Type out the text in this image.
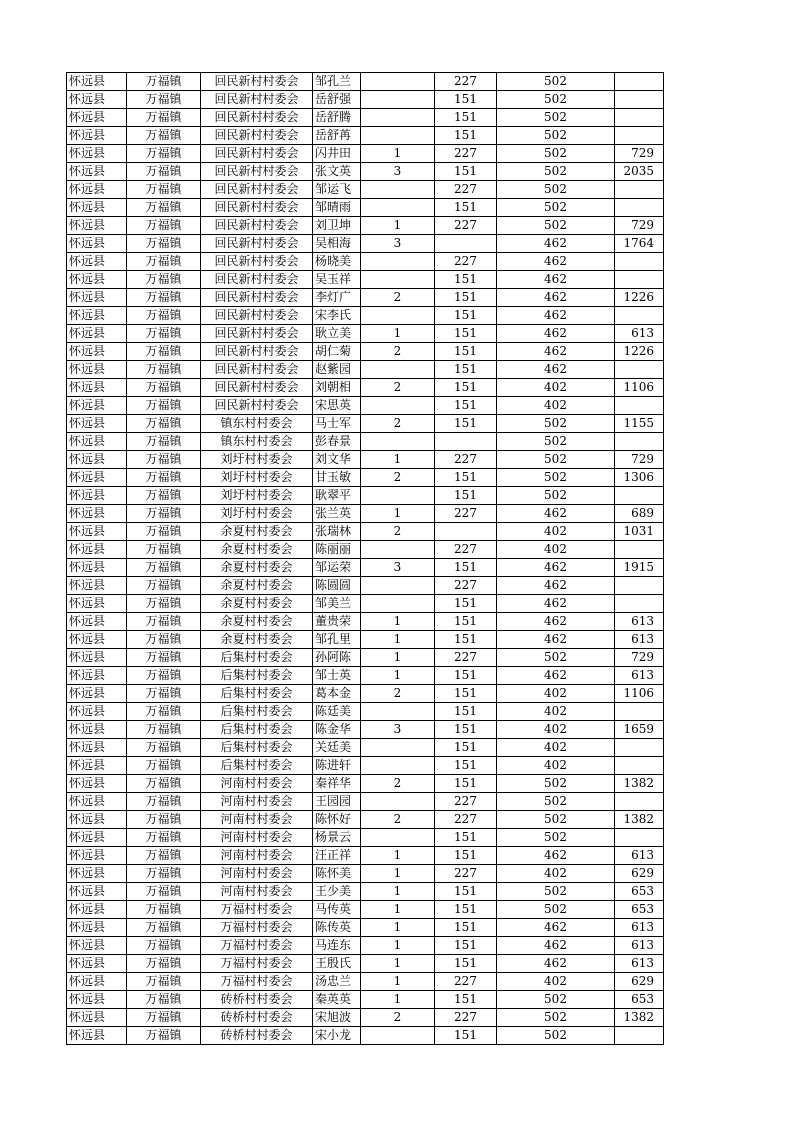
怀远县	万福镇	回民新村村委会	邹孔兰		227	502	
怀远县	万福镇	回民新村村委会	岳舒强		151	502	
怀远县	万福镇	回民新村村委会	岳舒腾		151	502	
怀远县	万福镇	回民新村村委会	岳舒苒		151	502	
怀远县	万福镇	回民新村村委会	闪井田	1	227	502	729
怀远县	万福镇	回民新村村委会	张文英	3	151	502	2035
怀远县	万福镇	回民新村村委会	邹运飞		227	502	
怀远县	万福镇	回民新村村委会	邹晴雨		151	502	
怀远县	万福镇	回民新村村委会	刘卫坤	1	227	502	729
怀远县	万福镇	回民新村村委会	吴相海	3		462	1764
怀远县	万福镇	回民新村村委会	杨晓美		227	462	
怀远县	万福镇	回民新村村委会	吴玉祥		151	462	
怀远县	万福镇	回民新村村委会	李灯广	2	151	462	1226
怀远县	万福镇	回民新村村委会	宋李氏		151	462	
怀远县	万福镇	回民新村村委会	耿立美	1	151	462	613
怀远县	万福镇	回民新村村委会	胡仁菊	2	151	462	1226
怀远县	万福镇	回民新村村委会	赵紫园		151	462	
怀远县	万福镇	回民新村村委会	刘朝相	2	151	402	1106
怀远县	万福镇	回民新村村委会	宋思英		151	402	
怀远县	万福镇	镇东村村委会	马士军	2	151	502	1155
怀远县	万福镇	镇东村村委会	彭春景			502	
怀远县	万福镇	刘圩村村委会	刘文华	1	227	502	729
怀远县	万福镇	刘圩村村委会	甘玉敏	2	151	502	1306
怀远县	万福镇	刘圩村村委会	耿翠平		151	502	
怀远县	万福镇	刘圩村村委会	张兰英	1	227	462	689
怀远县	万福镇	余夏村村委会	张瑞林	2		402	1031
怀远县	万福镇	余夏村村委会	陈丽丽		227	402	
怀远县	万福镇	余夏村村委会	邹运荣	3	151	462	1915
怀远县	万福镇	余夏村村委会	陈圆圆		227	462	
怀远县	万福镇	余夏村村委会	邹美兰		151	462	
怀远县	万福镇	余夏村村委会	董贵荣	1	151	462	613
怀远县	万福镇	余夏村村委会	邹孔里	1	151	462	613
怀远县	万福镇	后集村村委会	孙阿陈	1	227	502	729
怀远县	万福镇	后集村村委会	邹士英	1	151	462	613
怀远县	万福镇	后集村村委会	葛本金	2	151	402	1106
怀远县	万福镇	后集村村委会	陈廷美		151	402	
怀远县	万福镇	后集村村委会	陈金华	3	151	402	1659
怀远县	万福镇	后集村村委会	关廷美		151	402	
怀远县	万福镇	后集村村委会	陈进轩		151	402	
怀远县	万福镇	河南村村委会	秦祥华	2	151	502	1382
怀远县	万福镇	河南村村委会	王园园		227	502	
怀远县	万福镇	河南村村委会	陈怀好	2	227	502	1382
怀远县	万福镇	河南村村委会	杨景云		151	502	
怀远县	万福镇	河南村村委会	汪正祥	1	151	462	613
怀远县	万福镇	河南村村委会	陈怀美	1	227	402	629
怀远县	万福镇	河南村村委会	王少美	1	151	502	653
怀远县	万福镇	万福村村委会	马传英	1	151	502	653
怀远县	万福镇	万福村村委会	陈传英	1	151	462	613
怀远县	万福镇	万福村村委会	马连东	1	151	462	613
怀远县	万福镇	万福村村委会	王殷氏	1	151	462	613
怀远县	万福镇	万福村村委会	汤忠兰	1	227	402	629
怀远县	万福镇	砖桥村村委会	秦英英	1	151	502	653
怀远县	万福镇	砖桥村村委会	宋旭波	2	227	502	1382
怀远县	万福镇	砖桥村村委会	宋小龙		151	502	
